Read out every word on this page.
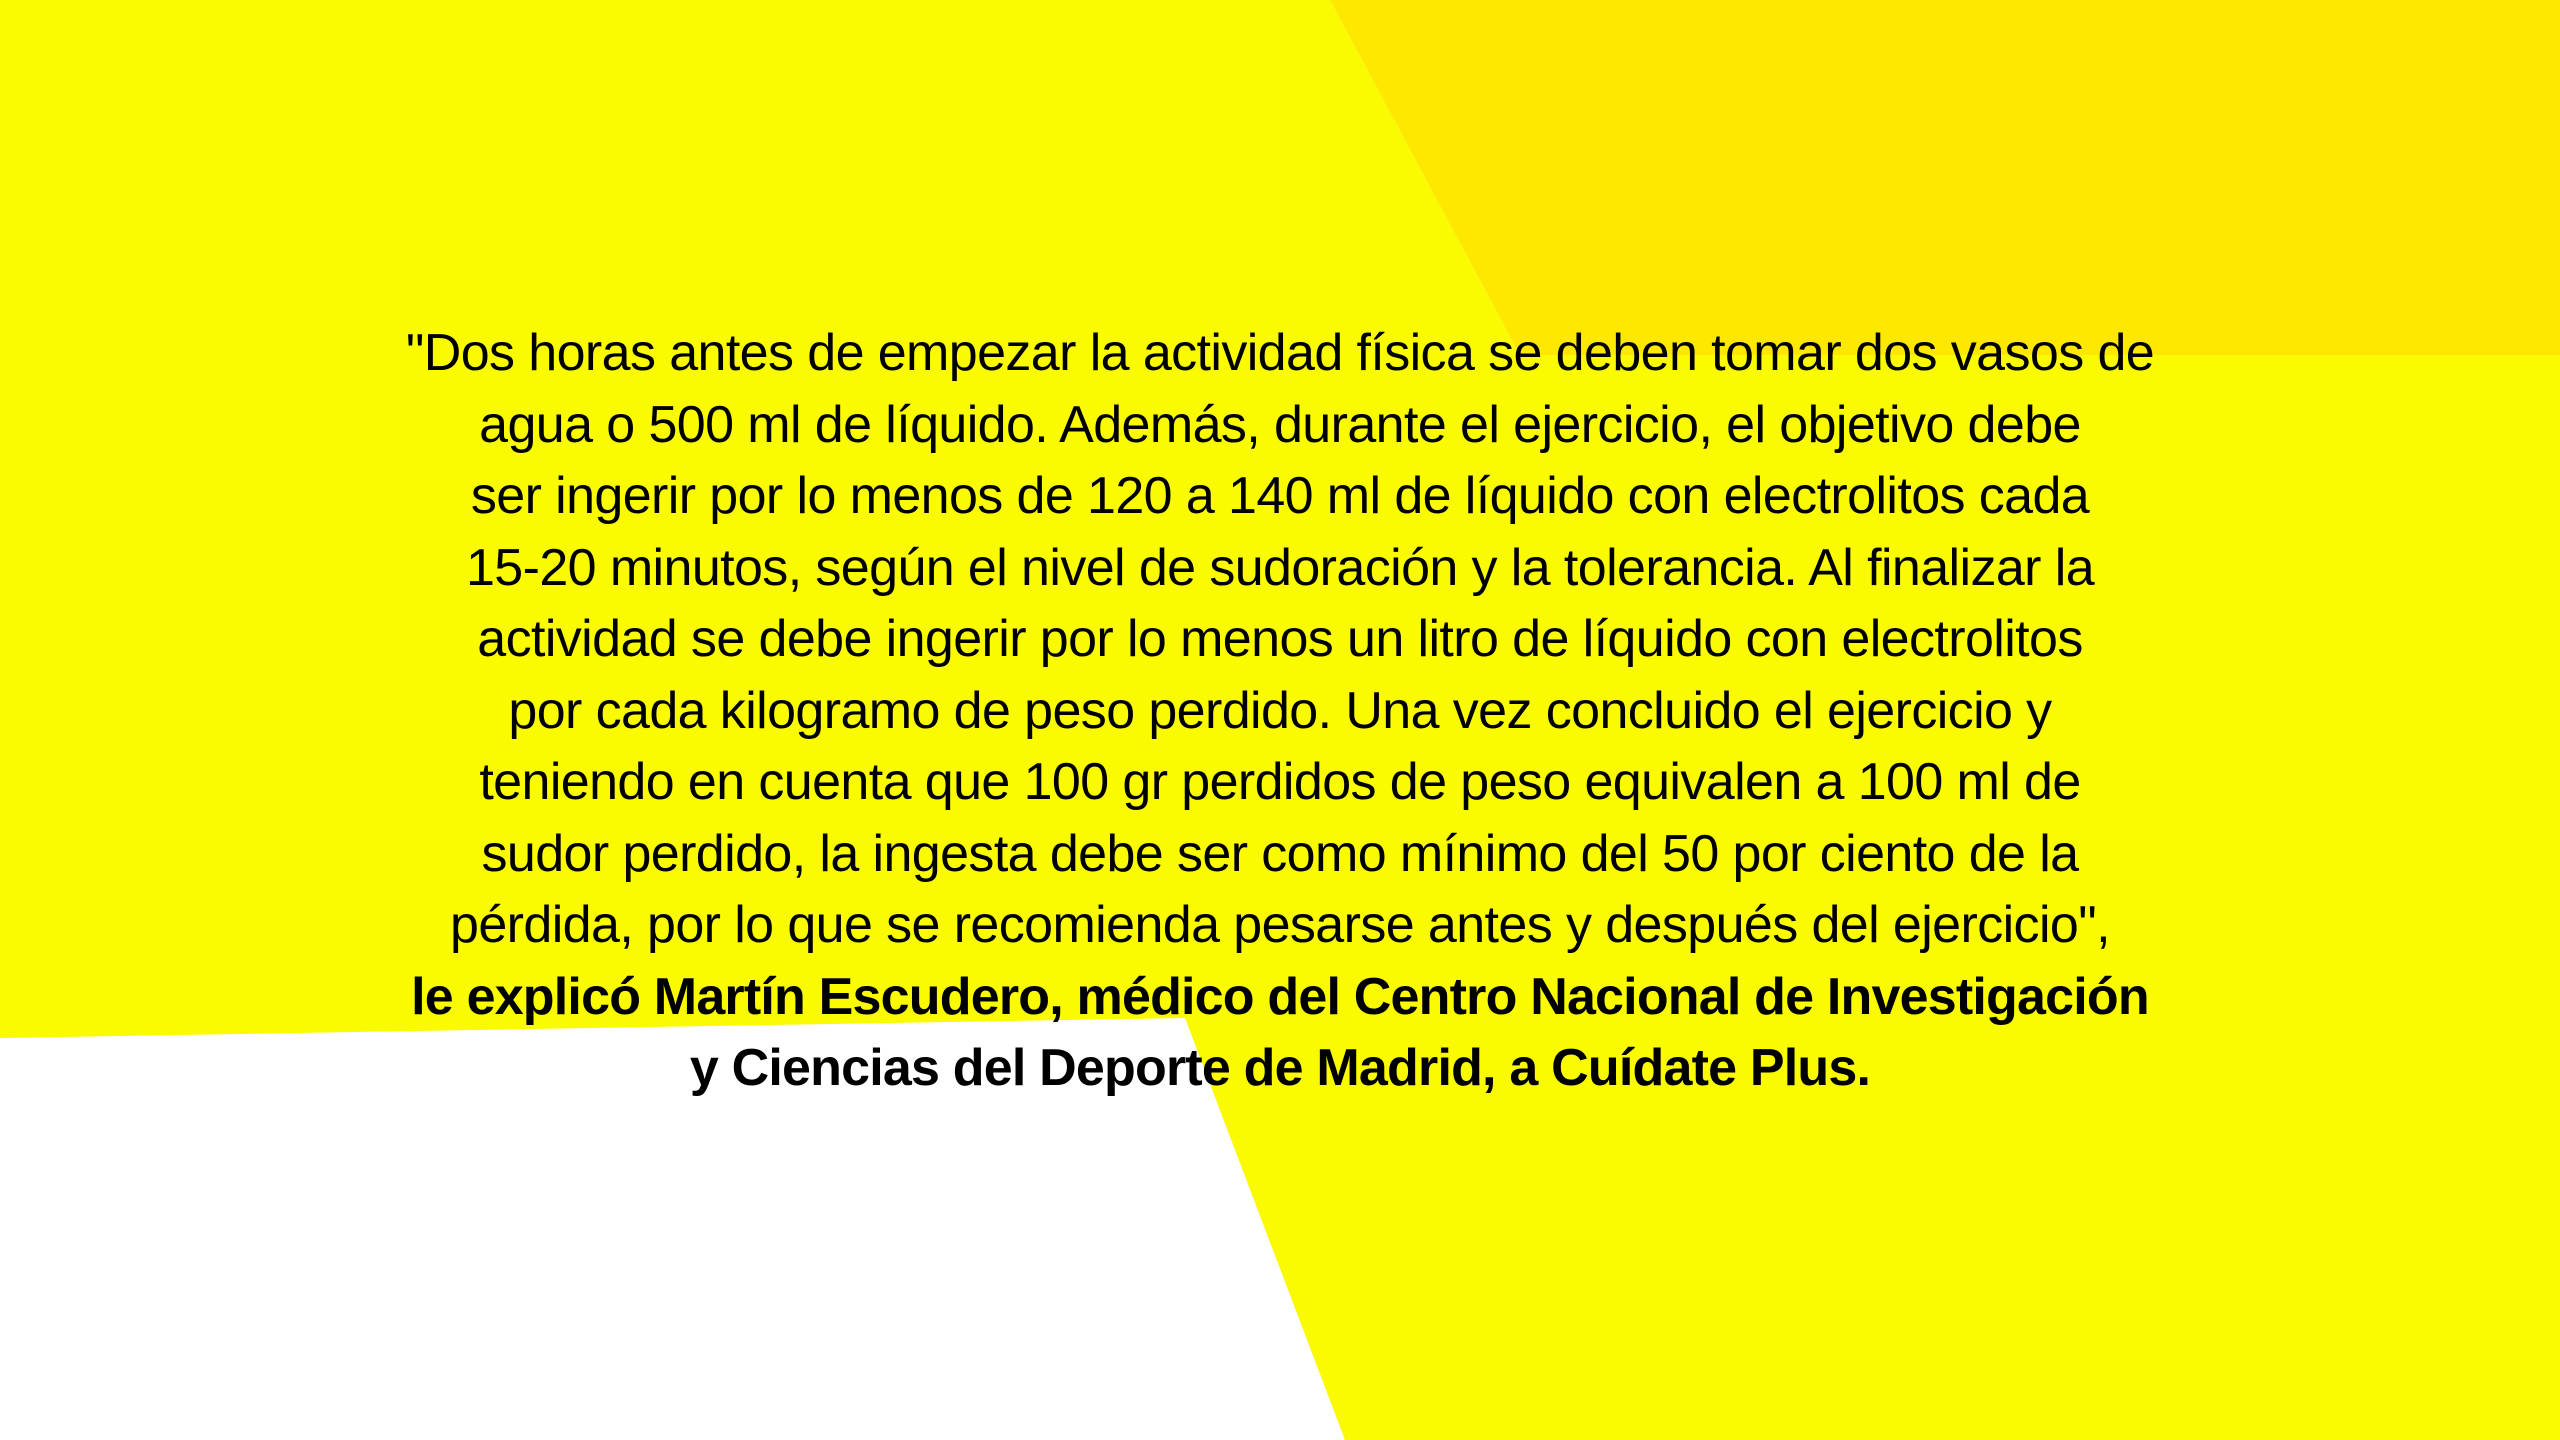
"Dos horas antes de empezar la actividad física se deben tomar dos vasos de
agua o 500 ml de líquido. Además, durante el ejercicio, el objetivo debe
ser ingerir por lo menos de 120 a 140 ml de líquido con electrolitos cada
15-20 minutos, según el nivel de sudoración y la tolerancia. Al finalizar la
actividad se debe ingerir por lo menos un litro de líquido con electrolitos
por cada kilogramo de peso perdido. Una vez concluido el ejercicio y
teniendo en cuenta que 100 gr perdidos de peso equivalen a 100 ml de
sudor perdido, la ingesta debe ser como mínimo del 50 por ciento de la
pérdida, por lo que se recomienda pesarse antes y después del ejercicio",
le explicó Martín Escudero, médico del Centro Nacional de Investigación
y Ciencias del Deporte de Madrid, a Cuídate Plus.
